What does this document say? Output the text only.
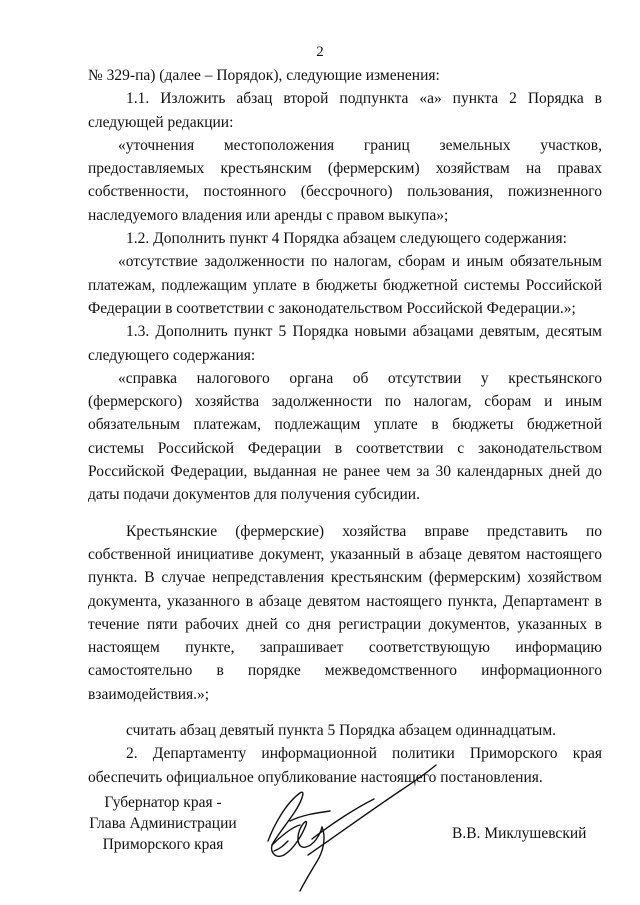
2

№ 329-па) (далее – Порядок), следующие изменения:

1.1. Изложить абзац второй подпункта «а» пункта 2 Порядка в следующей редакции:

«уточнения местоположения границ земельных участков, предоставляемых крестьянским (фермерским) хозяйствам на правах собственности, постоянного (бессрочного) пользования, пожизненного наследуемого владения или аренды с правом выкупа»;

1.2. Дополнить пункт 4 Порядка абзацем следующего содержания:

«отсутствие задолженности по налогам, сборам и иным обязательным платежам, подлежащим уплате в бюджеты бюджетной системы Российской Федерации в соответствии с законодательством Российской Федерации.»;

1.3. Дополнить пункт 5 Порядка новыми абзацами девятым, десятым следующего содержания:

«справка налогового органа об отсутствии у крестьянского (фермерского) хозяйства задолженности по налогам, сборам и иным обязательным платежам, подлежащим уплате в бюджеты бюджетной системы Российской Федерации в соответствии с законодательством Российской Федерации, выданная не ранее чем за 30 календарных дней до даты подачи документов для получения субсидии.

Крестьянские (фермерские) хозяйства вправе представить по собственной инициативе документ, указанный в абзаце девятом настоящего пункта. В случае непредставления крестьянским (фермерским) хозяйством документа, указанного в абзаце девятом настоящего пункта, Департамент в течение пяти рабочих дней со дня регистрации документов, указанных в настоящем пункте, запрашивает соответствующую информацию самостоятельно в порядке межведомственного информационного взаимодействия.»;

считать абзац девятый пункта 5 Порядка абзацем одиннадцатым.

2. Департаменту информационной политики Приморского края обеспечить официальное опубликование настоящего постановления.

Губернатор края -
Глава Администрации
Приморского края
В.В. Миклушевский
